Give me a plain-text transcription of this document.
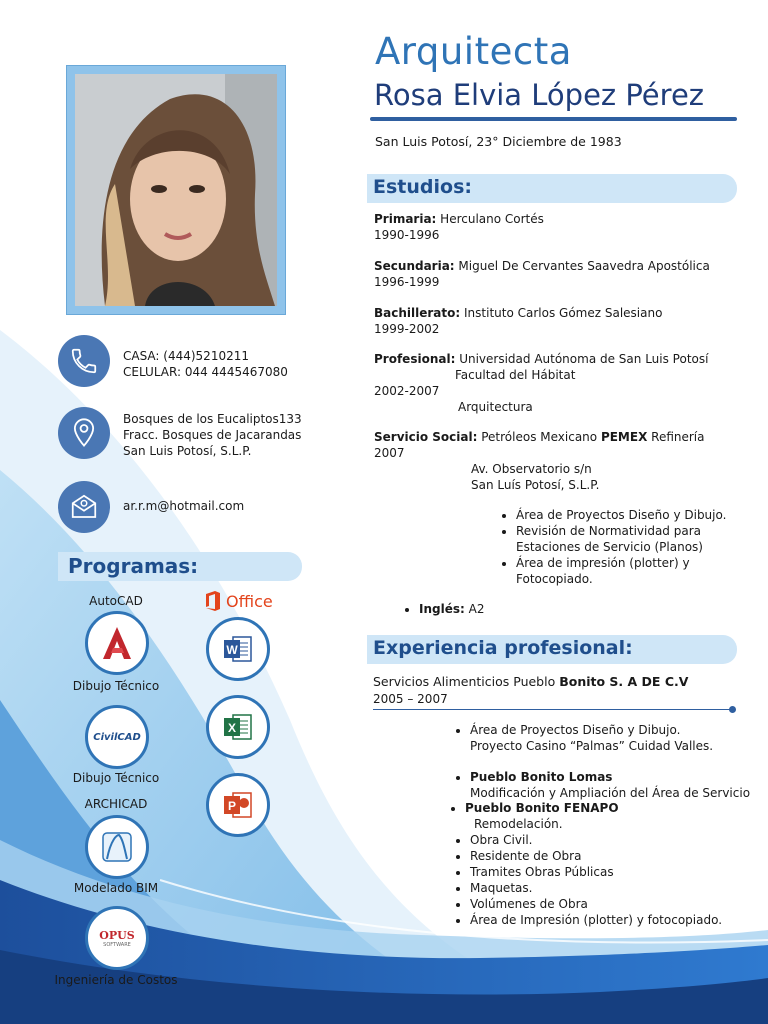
Arquitecta
Rosa Elvia López Pérez
San Luis Potosí, 23° Diciembre de 1983
CASA: (444)5210211
CELULAR: 044 4445467080
Bosques de los Eucaliptos133
Fracc. Bosques de Jacarandas
San Luis Potosí, S.L.P.
ar.r.m@hotmail.com
Programas:
AutoCAD
Dibujo Técnico
CivilCAD
Dibujo Técnico
ARCHICAD
Modelado BIM
OPUS
SOFTWARE
Ingeniería de Costos
Office
W
X
P
Estudios:
Primaria: Herculano Cortés
1990-1996
Secundaria: Miguel De Cervantes Saavedra Apostólica
1996-1999
Bachillerato: Instituto Carlos Gómez Salesiano
1999-2002
Profesional: Universidad Autónoma de San Luis Potosí
Facultad del Hábitat
2002-2007
Arquitectura
Servicio Social: Petróleos Mexicano PEMEX Refinería
2007
Av. Observatorio s/n
San Luís Potosí, S.L.P.
• Área de Proyectos Diseño y Dibujo.
• Revisión de Normatividad para Estaciones de Servicio (Planos)
• Área de impresión (plotter) y Fotocopiado.
• Inglés: A2
Experiencia profesional:
Servicios Alimenticios Pueblo Bonito S. A DE C.V
2005 – 2007
• Área de Proyectos Diseño y Dibujo.
Proyecto Casino “Palmas” Cuidad Valles.
• Pueblo Bonito Lomas
Modificación y Ampliación del Área de Servicio
• Pueblo Bonito FENAPO
Remodelación.
• Obra Civil.
• Residente de Obra
• Tramites Obras Públicas
• Maquetas.
• Volúmenes de Obra
• Área de Impresión (plotter) y fotocopiado.
